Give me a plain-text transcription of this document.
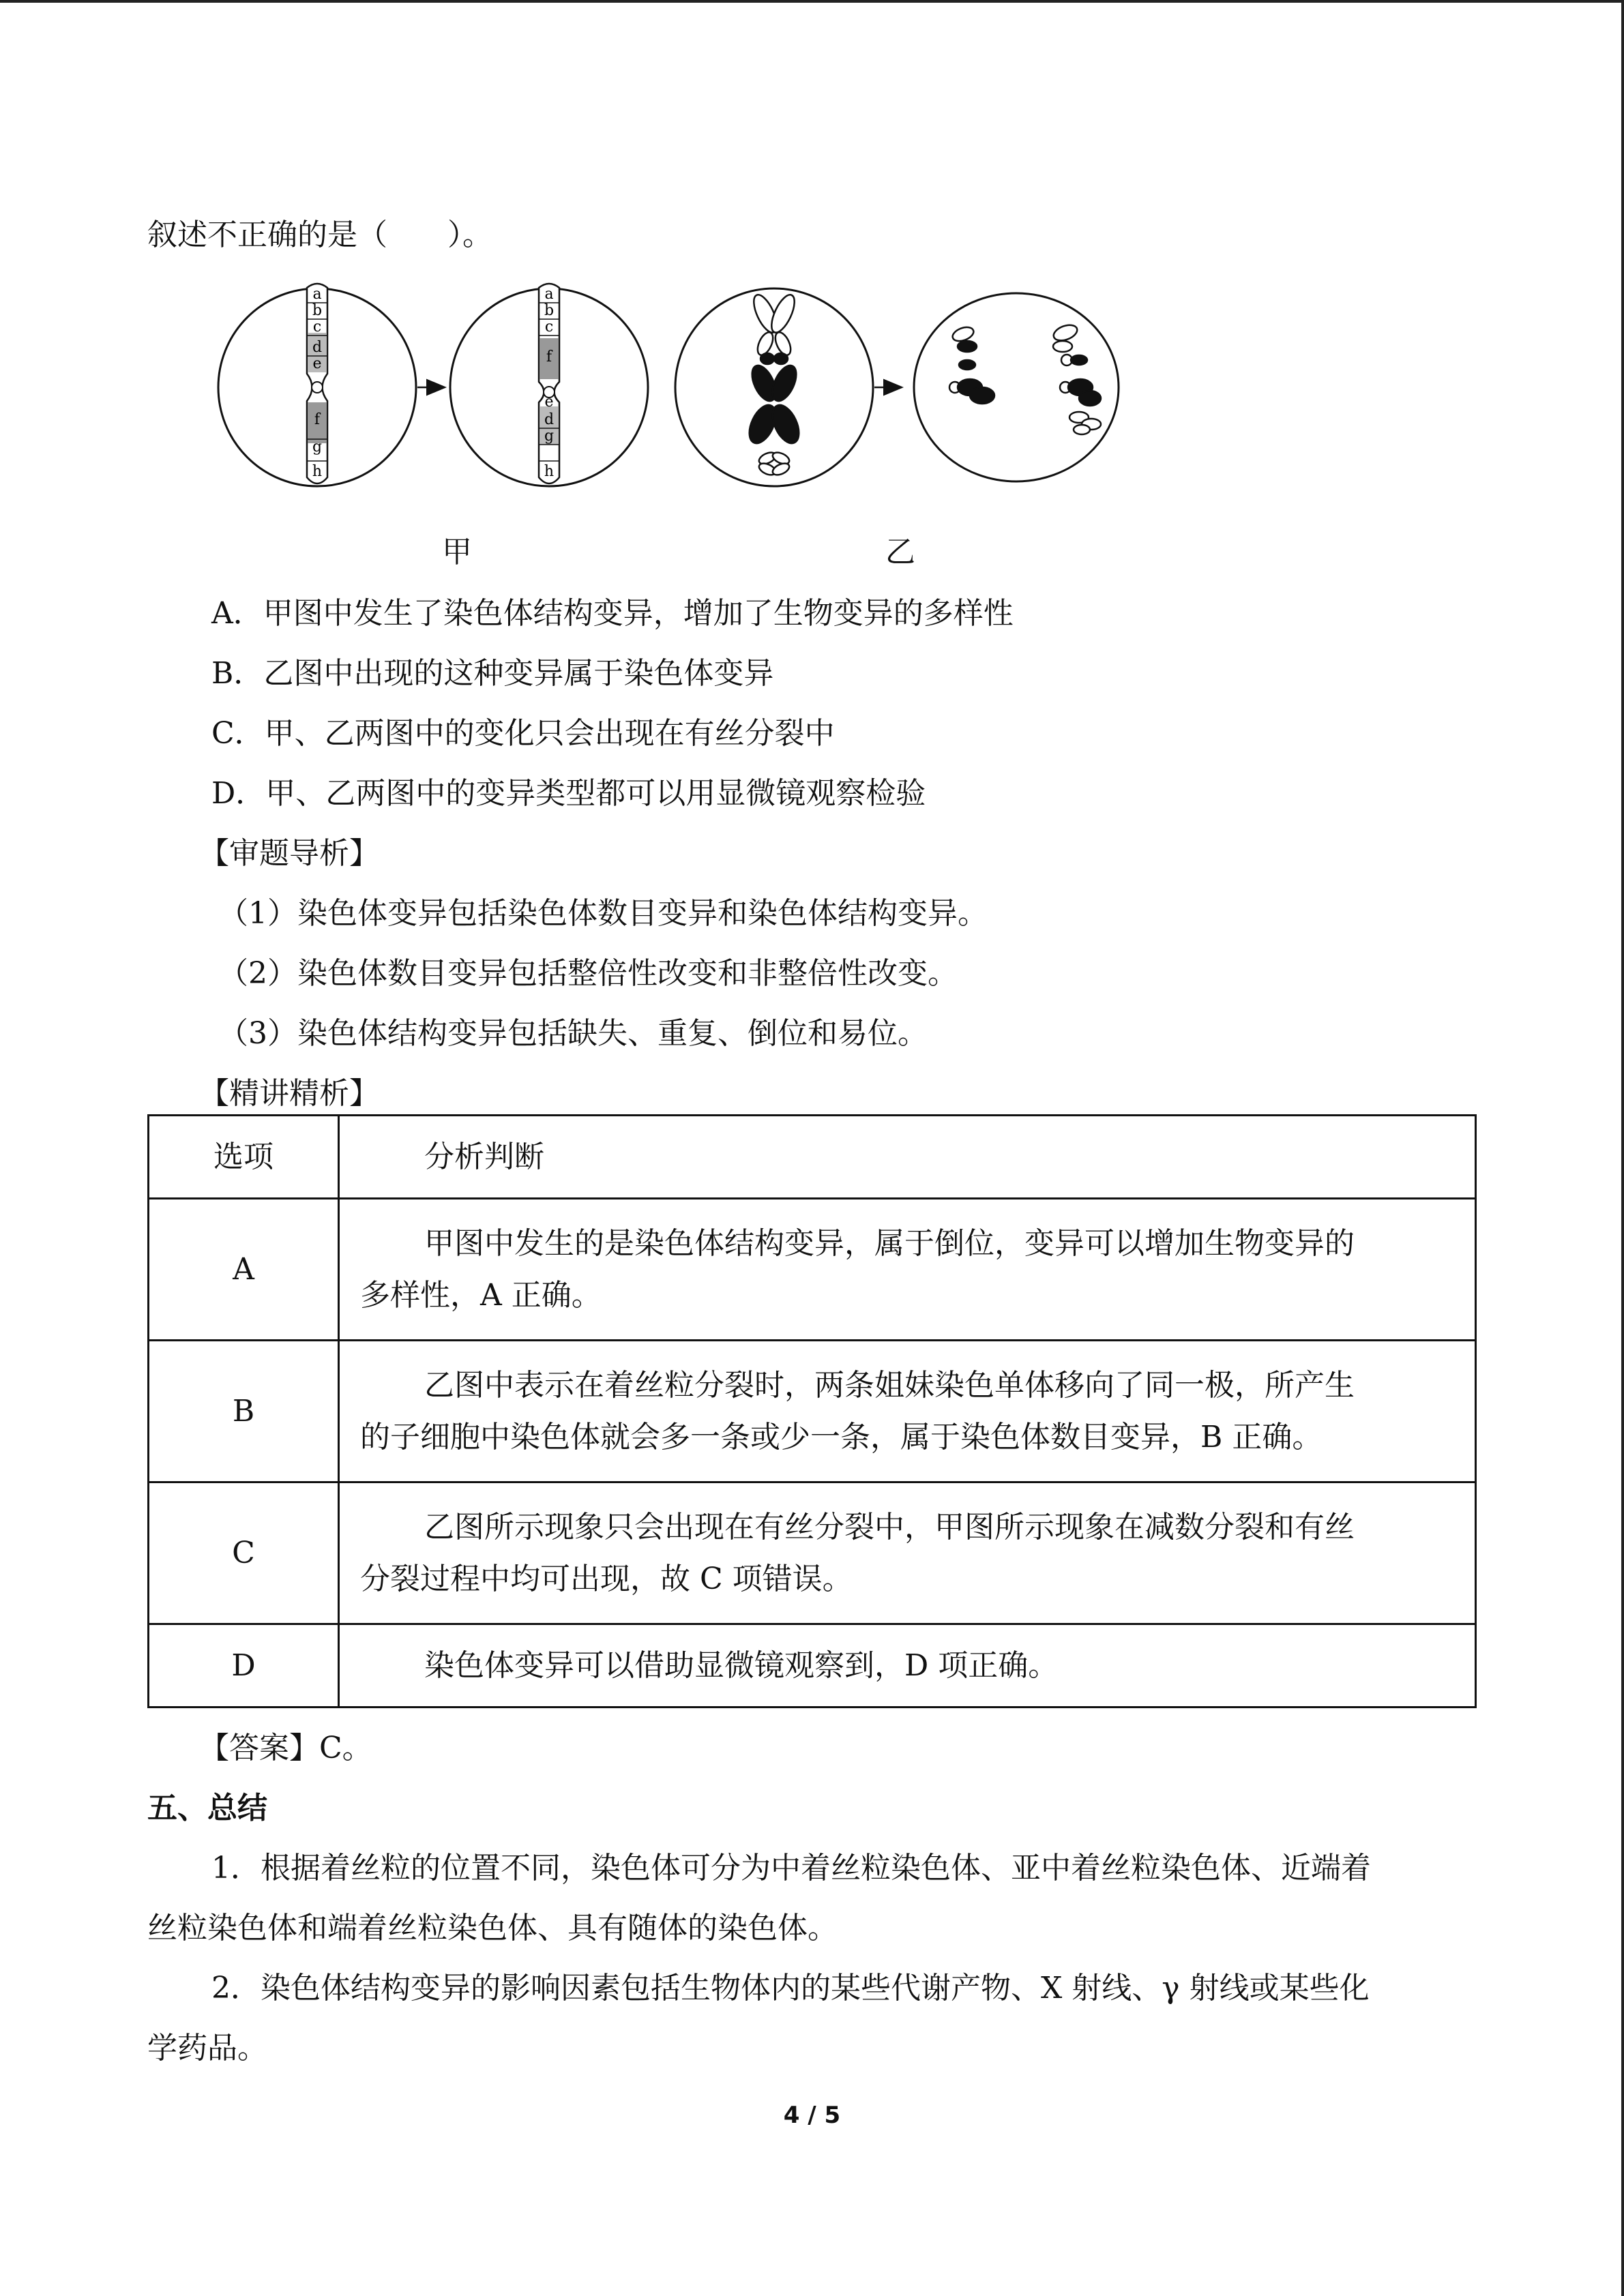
叙述不正确的是（　　）。
a
b
c
d
e
f
g
h
a
b
c
f
e
d
g
h
甲	乙
A．甲图中发生了染色体结构变异，增加了生物变异的多样性
B．乙图中出现的这种变异属于染色体变异
C．甲、乙两图中的变化只会出现在有丝分裂中
D．甲、乙两图中的变异类型都可以用显微镜观察检验
【审题导析】
（1）染色体变异包括染色体数目变异和染色体结构变异。
（2）染色体数目变异包括整倍性改变和非整倍性改变。
（3）染色体结构变异包括缺失、重复、倒位和易位。
【精讲精析】
选项	分析判断
A	甲图中发生的是染色体结构变异，属于倒位，变异可以增加生物变异的
多样性，A 正确。

B	乙图中表示在着丝粒分裂时，两条姐妹染色单体移向了同一极，所产生
的子细胞中染色体就会多一条或少一条，属于染色体数目变异，B 正确。

C	乙图所示现象只会出现在有丝分裂中，甲图所示现象在减数分裂和有丝
分裂过程中均可出现，故 C 项错误。

D	染色体变异可以借助显微镜观察到，D 项正确。
【答案】C。
五、总结
1．根据着丝粒的位置不同，染色体可分为中着丝粒染色体、亚中着丝粒染色体、近端着
丝粒染色体和端着丝粒染色体、具有随体的染色体。
2．染色体结构变异的影响因素包括生物体内的某些代谢产物、X 射线、γ 射线或某些化
学药品。
4 / 5
